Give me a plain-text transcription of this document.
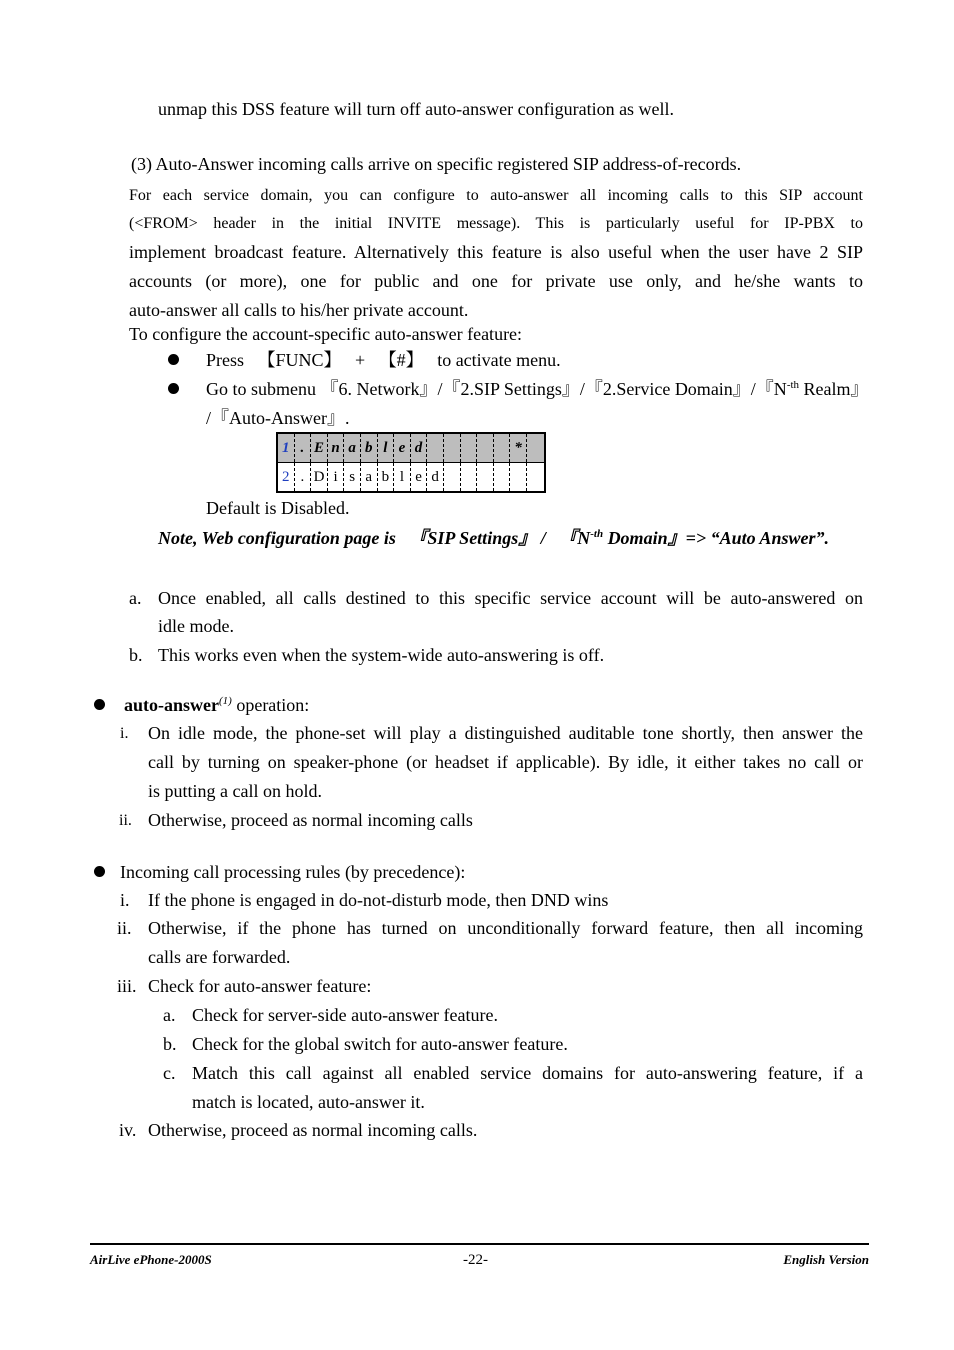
unmap this DSS feature will turn off auto-answer configuration as well.
(3) Auto-Answer incoming calls arrive on specific registered SIP address-of-records.
For each service domain, you can configure to auto-answer all incoming calls to this SIP account
(<FROM> header in the initial INVITE message). This is particularly useful for IP-PBX to
implement broadcast feature. Alternatively this feature is also useful when the user have 2 SIP
accounts (or more), one for public and one for private use only, and he/she wants to
auto-answer all calls to his/her private account.
To configure the account-specific auto-answer feature:
Press 【FUNC】 + 【#】 to activate menu.
Go to submenu 『6. Network』/『2.SIP Settings』/『2.Service Domain』/『$N^{-th}$ Realm』
/『Auto-Answer』.
1 . E n a b l e d	*
2 . D i s a b l e d
Default is Disabled.
Note, Web configuration page is 『SIP Settings』 / 『$N^{-th}$ Domain』=> “Auto Answer”.
a. Once enabled, all calls destined to this specific service account will be auto-answered on
idle mode.
b. This works even when the system-wide auto-answering is off.
auto-answer$^{(1)}$ operation:
i. On idle mode, the phone-set will play a distinguished auditable tone shortly, then answer the
call by turning on speaker-phone (or headset if applicable). By idle, it either takes no call or
is putting a call on hold.
ii. Otherwise, proceed as normal incoming calls
Incoming call processing rules (by precedence):
i. If the phone is engaged in do-not-disturb mode, then DND wins
ii. Otherwise, if the phone has turned on unconditionally forward feature, then all incoming
calls are forwarded.
iii. Check for auto-answer feature:
a. Check for server-side auto-answer feature.
b. Check for the global switch for auto-answer feature.
c. Match this call against all enabled service domains for auto-answering feature, if a
match is located, auto-answer it.
iv. Otherwise, proceed as normal incoming calls.
AirLive ePhone-2000S	-22-	English Version
